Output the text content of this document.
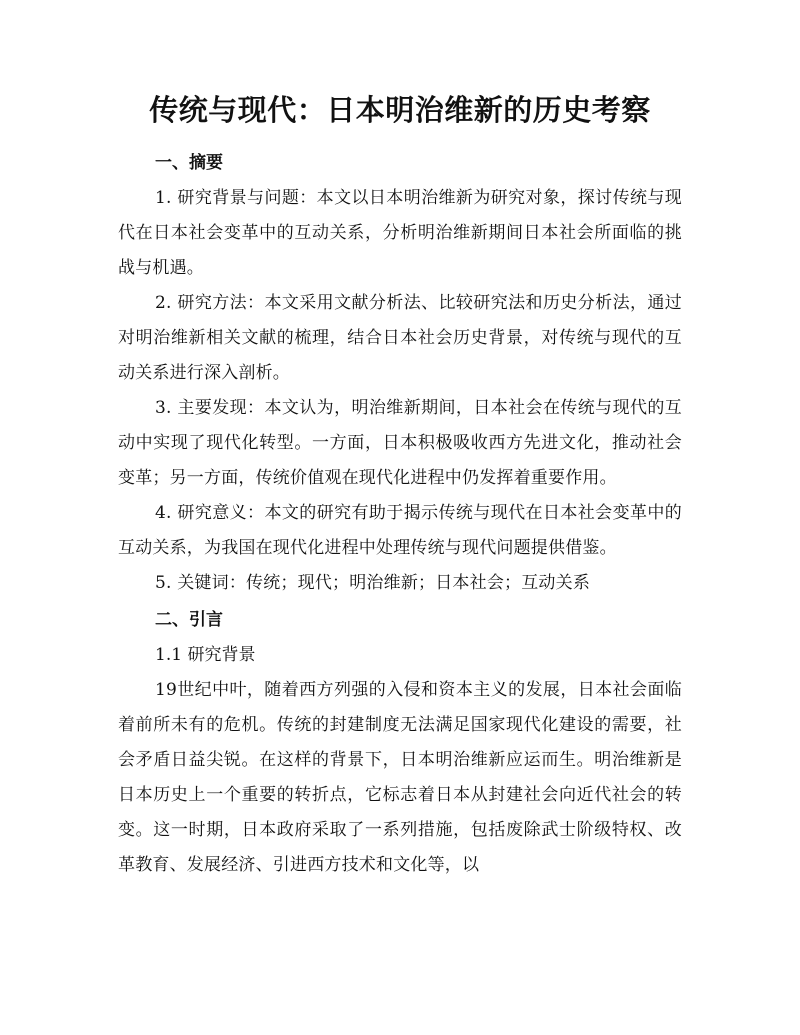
传统与现代：日本明治维新的历史考察
一、摘要

1. 研究背景与问题：本文以日本明治维新为研究对象，探讨传统与现代在日本社会变革中的互动关系，分析明治维新期间日本社会所面临的挑战与机遇。

2. 研究方法：本文采用文献分析法、比较研究法和历史分析法，通过对明治维新相关文献的梳理，结合日本社会历史背景，对传统与现代的互动关系进行深入剖析。

3. 主要发现：本文认为，明治维新期间，日本社会在传统与现代的互动中实现了现代化转型。一方面，日本积极吸收西方先进文化，推动社会变革；另一方面，传统价值观在现代化进程中仍发挥着重要作用。

4. 研究意义：本文的研究有助于揭示传统与现代在日本社会变革中的互动关系，为我国在现代化进程中处理传统与现代问题提供借鉴。

5. 关键词：传统；现代；明治维新；日本社会；互动关系

二、引言

1.1 研究背景

19世纪中叶，随着西方列强的入侵和资本主义的发展，日本社会面临着前所未有的危机。传统的封建制度无法满足国家现代化建设的需要，社会矛盾日益尖锐。在这样的背景下，日本明治维新应运而生。明治维新是日本历史上一个重要的转折点，它标志着日本从封建社会向近代社会的转变。这一时期，日本政府采取了一系列措施，包括废除武士阶级特权、改革教育、发展经济、引进西方技术和文化等，以
